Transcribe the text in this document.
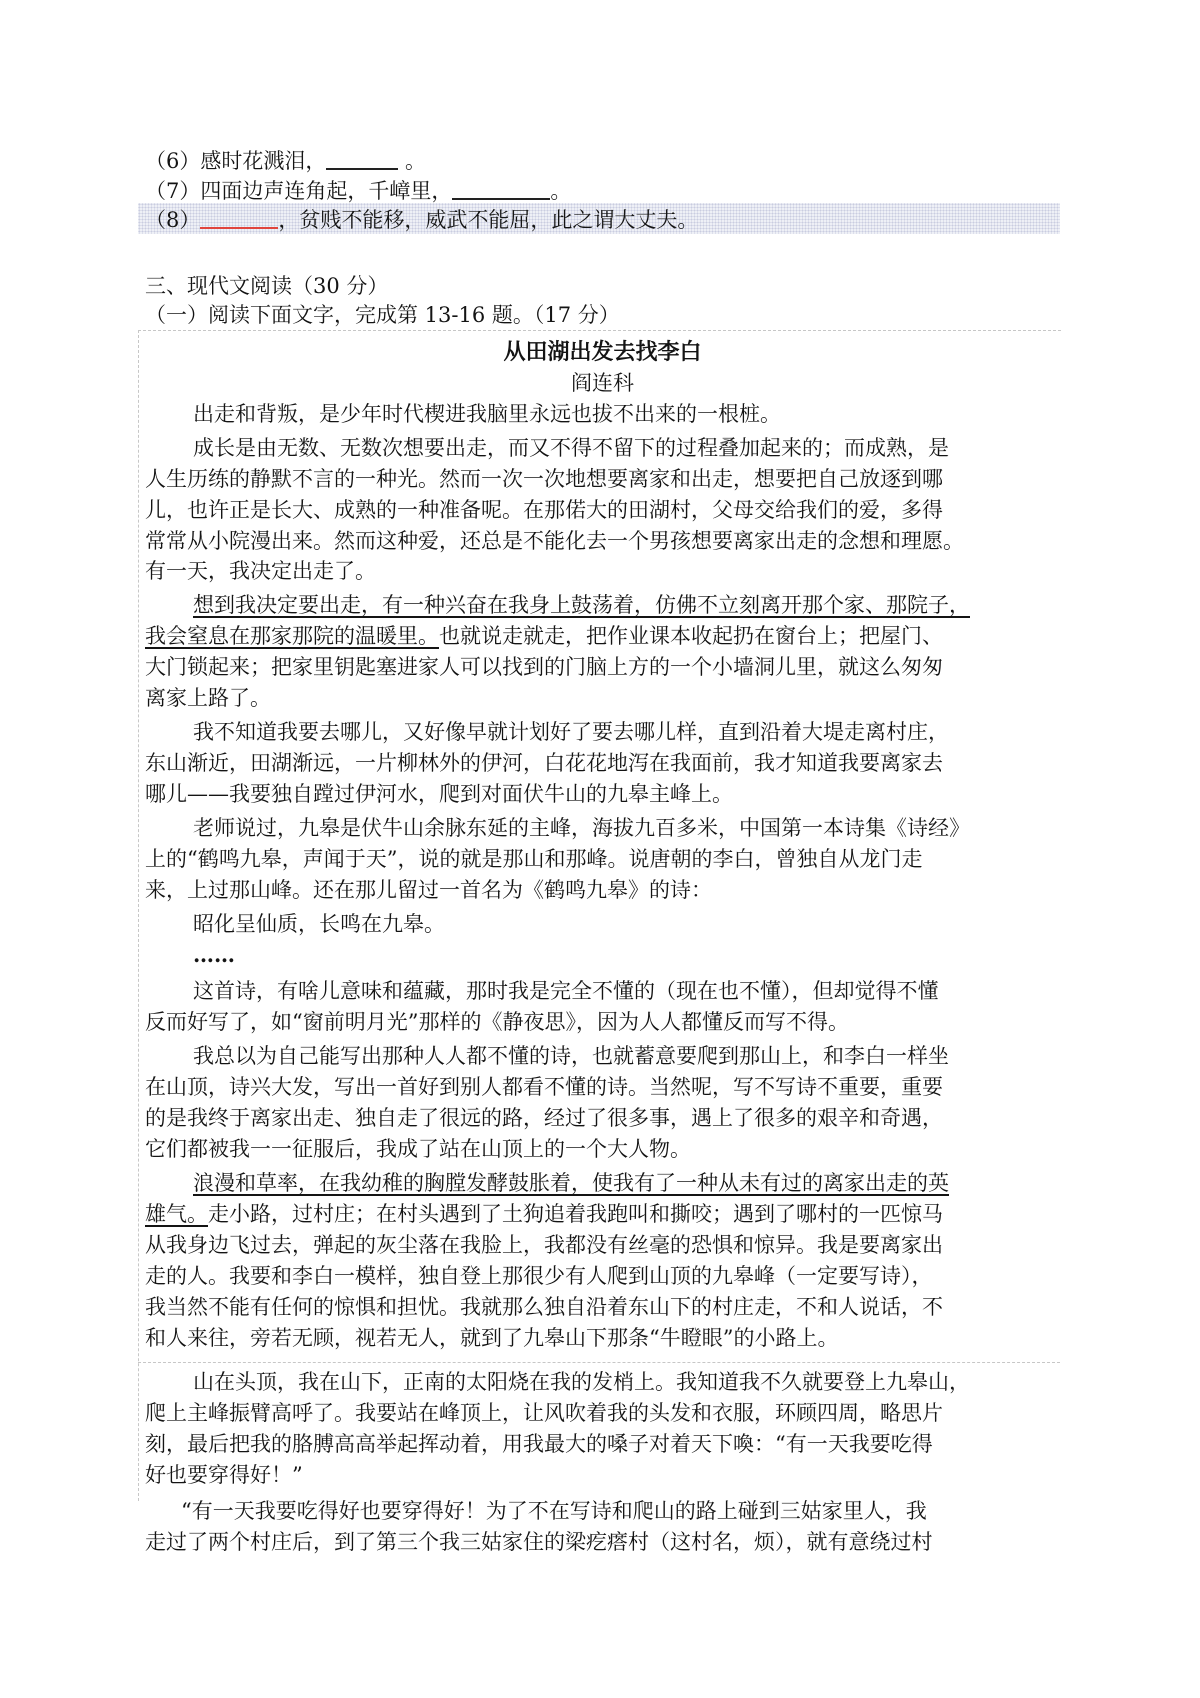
（6）感时花溅泪，	。
（7）四面边声连角起，千嶂里，	。
（8）	，贫贱不能移，威武不能屈，此之谓大丈夫。
三、现代文阅读（30 分）
（一）阅读下面文字，完成第 13-16 题。（17 分）
从田湖出发去找李白
阎连科
出走和背叛，是少年时代楔进我脑里永远也拔不出来的一根桩。
成长是由无数、无数次想要出走，而又不得不留下的过程叠加起来的；而成熟，是
人生历练的静默不言的一种光。然而一次一次地想要离家和出走，想要把自己放逐到哪
儿，也许正是长大、成熟的一种准备呢。在那偌大的田湖村，父母交给我们的爱，多得
常常从小院漫出来。然而这种爱，还总是不能化去一个男孩想要离家出走的念想和理愿。
有一天，我决定出走了。
想到我决定要出走，有一种兴奋在我身上鼓荡着，仿佛不立刻离开那个家、那院子，
我会窒息在那家那院的温暖里。也就说走就走，把作业课本收起扔在窗台上；把屋门、
大门锁起来；把家里钥匙塞进家人可以找到的门脑上方的一个小墙洞儿里，就这么匆匆
离家上路了。
我不知道我要去哪儿，又好像早就计划好了要去哪儿样，直到沿着大堤走离村庄，
东山渐近，田湖渐远，一片柳林外的伊河，白花花地泻在我面前，我才知道我要离家去
哪儿——我要独自蹚过伊河水，爬到对面伏牛山的九皋主峰上。
老师说过，九皋是伏牛山余脉东延的主峰，海拔九百多米，中国第一本诗集《诗经》
上的“鹤鸣九皋，声闻于天”，说的就是那山和那峰。说唐朝的李白，曾独自从龙门走
来，上过那山峰。还在那儿留过一首名为《鹤鸣九皋》的诗：
昭化呈仙质，长鸣在九皋。
……
这首诗，有啥儿意味和蕴藏，那时我是完全不懂的（现在也不懂），但却觉得不懂
反而好写了，如“窗前明月光”那样的《静夜思》，因为人人都懂反而写不得。
我总以为自己能写出那种人人都不懂的诗，也就蓄意要爬到那山上，和李白一样坐
在山顶，诗兴大发，写出一首好到别人都看不懂的诗。当然呢，写不写诗不重要，重要
的是我终于离家出走、独自走了很远的路，经过了很多事，遇上了很多的艰辛和奇遇，
它们都被我一一征服后，我成了站在山顶上的一个大人物。
浪漫和草率，在我幼稚的胸膛发酵鼓胀着，使我有了一种从未有过的离家出走的英
雄气。走小路，过村庄；在村头遇到了土狗追着我跑叫和撕咬；遇到了哪村的一匹惊马
从我身边飞过去，弹起的灰尘落在我脸上，我都没有丝毫的恐惧和惊异。我是要离家出
走的人。我要和李白一模样，独自登上那很少有人爬到山顶的九皋峰（一定要写诗），
我当然不能有任何的惊惧和担忧。我就那么独自沿着东山下的村庄走，不和人说话，不
和人来往，旁若无顾，视若无人，就到了九皋山下那条“牛瞪眼”的小路上。
山在头顶，我在山下，正南的太阳烧在我的发梢上。我知道我不久就要登上九皋山，
爬上主峰振臂高呼了。我要站在峰顶上，让风吹着我的头发和衣服，环顾四周，略思片
刻，最后把我的胳膊高高举起挥动着，用我最大的嗓子对着天下喚：“有一天我要吃得
好也要穿得好！”
“有一天我要吃得好也要穿得好！为了不在写诗和爬山的路上碰到三姑家里人，我
走过了两个村庄后，到了第三个我三姑家住的梁疙瘩村（这村名，烦），就有意绕过村
